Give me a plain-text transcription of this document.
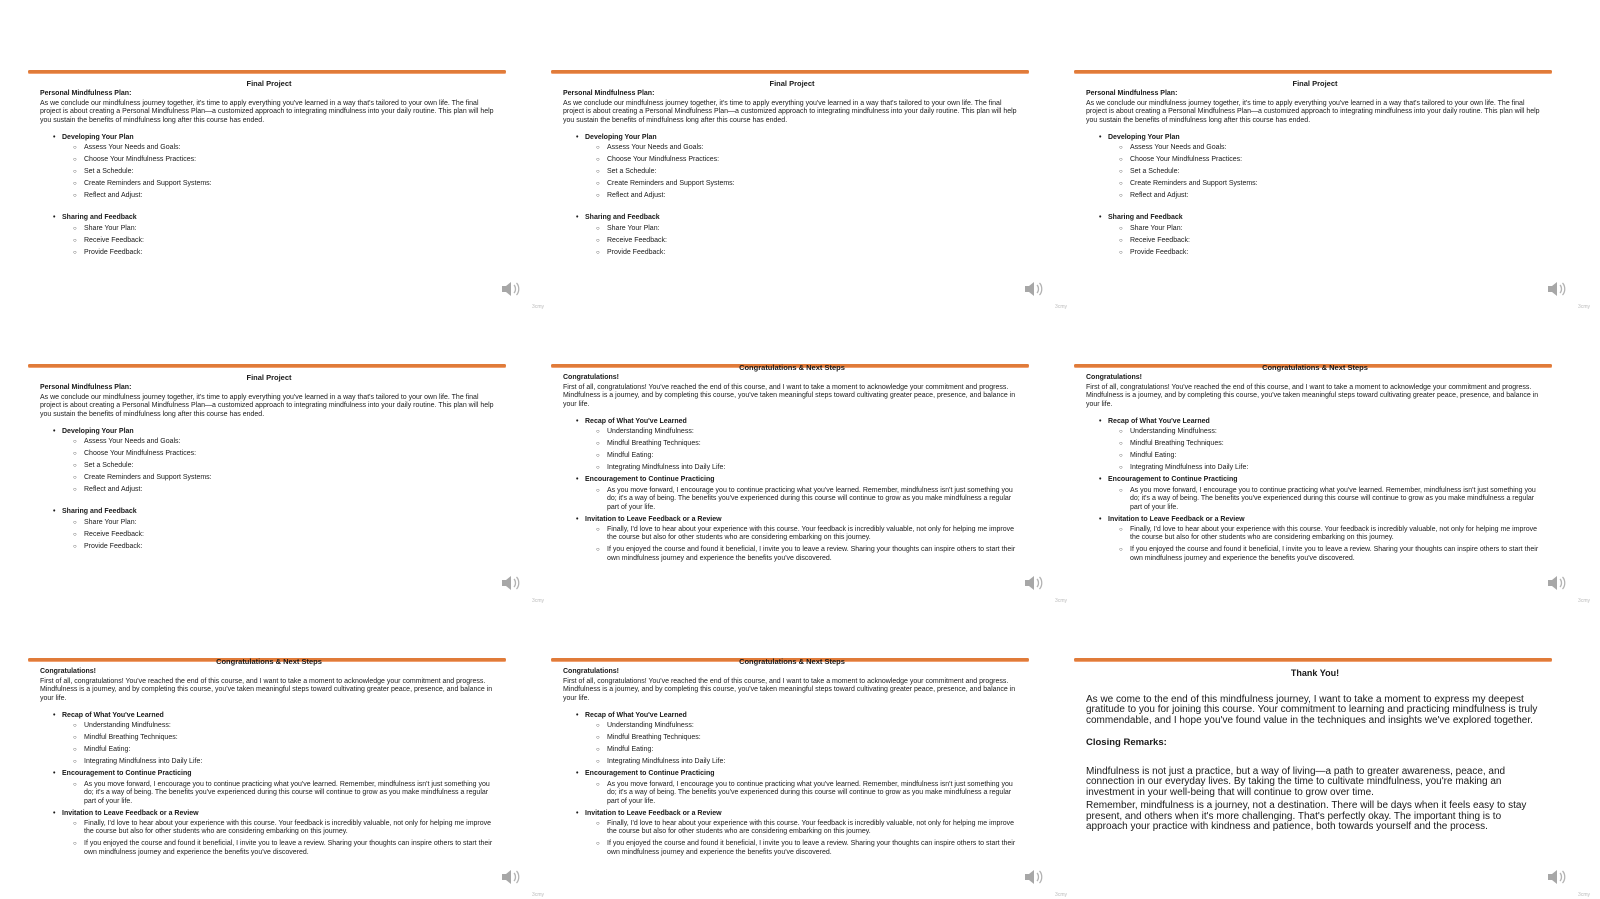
Final Project
Personal Mindfulness Plan:
As we conclude our mindfulness journey together, it's time to apply everything you've learned in a way that's tailored to your own life. The final project is about creating a Personal Mindfulness Plan—a customized approach to integrating mindfulness into your daily routine. This plan will help you sustain the benefits of mindfulness long after this course has ended.
• Developing Your Plan
○ Assess Your Needs and Goals:
○ Choose Your Mindfulness Practices:
○ Set a Schedule:
○ Create Reminders and Support Systems:
○ Reflect and Adjust:
• Sharing and Feedback
○ Share Your Plan:
○ Receive Feedback:
○ Provide Feedback:
3cmy
Final Project
Personal Mindfulness Plan:
As we conclude our mindfulness journey together, it's time to apply everything you've learned in a way that's tailored to your own life. The final project is about creating a Personal Mindfulness Plan—a customized approach to integrating mindfulness into your daily routine. This plan will help you sustain the benefits of mindfulness long after this course has ended.
• Developing Your Plan
○ Assess Your Needs and Goals:
○ Choose Your Mindfulness Practices:
○ Set a Schedule:
○ Create Reminders and Support Systems:
○ Reflect and Adjust:
• Sharing and Feedback
○ Share Your Plan:
○ Receive Feedback:
○ Provide Feedback:
3cmy
Final Project
Personal Mindfulness Plan:
As we conclude our mindfulness journey together, it's time to apply everything you've learned in a way that's tailored to your own life. The final project is about creating a Personal Mindfulness Plan—a customized approach to integrating mindfulness into your daily routine. This plan will help you sustain the benefits of mindfulness long after this course has ended.
• Developing Your Plan
○ Assess Your Needs and Goals:
○ Choose Your Mindfulness Practices:
○ Set a Schedule:
○ Create Reminders and Support Systems:
○ Reflect and Adjust:
• Sharing and Feedback
○ Share Your Plan:
○ Receive Feedback:
○ Provide Feedback:
3cmy
Final Project
Personal Mindfulness Plan:
As we conclude our mindfulness journey together, it's time to apply everything you've learned in a way that's tailored to your own life. The final project is about creating a Personal Mindfulness Plan—a customized approach to integrating mindfulness into your daily routine. This plan will help you sustain the benefits of mindfulness long after this course has ended.
• Developing Your Plan
○ Assess Your Needs and Goals:
○ Choose Your Mindfulness Practices:
○ Set a Schedule:
○ Create Reminders and Support Systems:
○ Reflect and Adjust:
• Sharing and Feedback
○ Share Your Plan:
○ Receive Feedback:
○ Provide Feedback:
3cmy
Congratulations & Next Steps
Congratulations!
First of all, congratulations! You've reached the end of this course, and I want to take a moment to acknowledge your commitment and progress. Mindfulness is a journey, and by completing this course, you've taken meaningful steps toward cultivating greater peace, presence, and balance in your life.
• Recap of What You've Learned
○ Understanding Mindfulness:
○ Mindful Breathing Techniques:
○ Mindful Eating:
○ Integrating Mindfulness into Daily Life:
• Encouragement to Continue Practicing
○ As you move forward, I encourage you to continue practicing what you've learned. Remember, mindfulness isn't just something you do; it's a way of being. The benefits you've experienced during this course will continue to grow as you make mindfulness a regular part of your life.
• Invitation to Leave Feedback or a Review
○ Finally, I'd love to hear about your experience with this course. Your feedback is incredibly valuable, not only for helping me improve the course but also for other students who are considering embarking on this journey.
○ If you enjoyed the course and found it beneficial, I invite you to leave a review. Sharing your thoughts can inspire others to start their own mindfulness journey and experience the benefits you've discovered.
3cmy
Congratulations & Next Steps
Congratulations!
First of all, congratulations! You've reached the end of this course, and I want to take a moment to acknowledge your commitment and progress. Mindfulness is a journey, and by completing this course, you've taken meaningful steps toward cultivating greater peace, presence, and balance in your life.
• Recap of What You've Learned
○ Understanding Mindfulness:
○ Mindful Breathing Techniques:
○ Mindful Eating:
○ Integrating Mindfulness into Daily Life:
• Encouragement to Continue Practicing
○ As you move forward, I encourage you to continue practicing what you've learned. Remember, mindfulness isn't just something you do; it's a way of being. The benefits you've experienced during this course will continue to grow as you make mindfulness a regular part of your life.
• Invitation to Leave Feedback or a Review
○ Finally, I'd love to hear about your experience with this course. Your feedback is incredibly valuable, not only for helping me improve the course but also for other students who are considering embarking on this journey.
○ If you enjoyed the course and found it beneficial, I invite you to leave a review. Sharing your thoughts can inspire others to start their own mindfulness journey and experience the benefits you've discovered.
3cmy
Congratulations & Next Steps
Congratulations!
First of all, congratulations! You've reached the end of this course, and I want to take a moment to acknowledge your commitment and progress. Mindfulness is a journey, and by completing this course, you've taken meaningful steps toward cultivating greater peace, presence, and balance in your life.
• Recap of What You've Learned
○ Understanding Mindfulness:
○ Mindful Breathing Techniques:
○ Mindful Eating:
○ Integrating Mindfulness into Daily Life:
• Encouragement to Continue Practicing
○ As you move forward, I encourage you to continue practicing what you've learned. Remember, mindfulness isn't just something you do; it's a way of being. The benefits you've experienced during this course will continue to grow as you make mindfulness a regular part of your life.
• Invitation to Leave Feedback or a Review
○ Finally, I'd love to hear about your experience with this course. Your feedback is incredibly valuable, not only for helping me improve the course but also for other students who are considering embarking on this journey.
○ If you enjoyed the course and found it beneficial, I invite you to leave a review. Sharing your thoughts can inspire others to start their own mindfulness journey and experience the benefits you've discovered.
3cmy
Congratulations & Next Steps
Congratulations!
First of all, congratulations! You've reached the end of this course, and I want to take a moment to acknowledge your commitment and progress. Mindfulness is a journey, and by completing this course, you've taken meaningful steps toward cultivating greater peace, presence, and balance in your life.
• Recap of What You've Learned
○ Understanding Mindfulness:
○ Mindful Breathing Techniques:
○ Mindful Eating:
○ Integrating Mindfulness into Daily Life:
• Encouragement to Continue Practicing
○ As you move forward, I encourage you to continue practicing what you've learned. Remember, mindfulness isn't just something you do; it's a way of being. The benefits you've experienced during this course will continue to grow as you make mindfulness a regular part of your life.
• Invitation to Leave Feedback or a Review
○ Finally, I'd love to hear about your experience with this course. Your feedback is incredibly valuable, not only for helping me improve the course but also for other students who are considering embarking on this journey.
○ If you enjoyed the course and found it beneficial, I invite you to leave a review. Sharing your thoughts can inspire others to start their own mindfulness journey and experience the benefits you've discovered.
3cmy
Thank You!
As we come to the end of this mindfulness journey, I want to take a moment to express my deepest gratitude to you for joining this course. Your commitment to learning and practicing mindfulness is truly commendable, and I hope you've found value in the techniques and insights we've explored together.
Closing Remarks:
Mindfulness is not just a practice, but a way of living—a path to greater awareness, peace, and connection in our everyday lives. By taking the time to cultivate mindfulness, you're making an investment in your well-being that will continue to grow over time.
Remember, mindfulness is a journey, not a destination. There will be days when it feels easy to stay present, and others when it's more challenging. That's perfectly okay. The important thing is to approach your practice with kindness and patience, both towards yourself and the process.
3cmy
